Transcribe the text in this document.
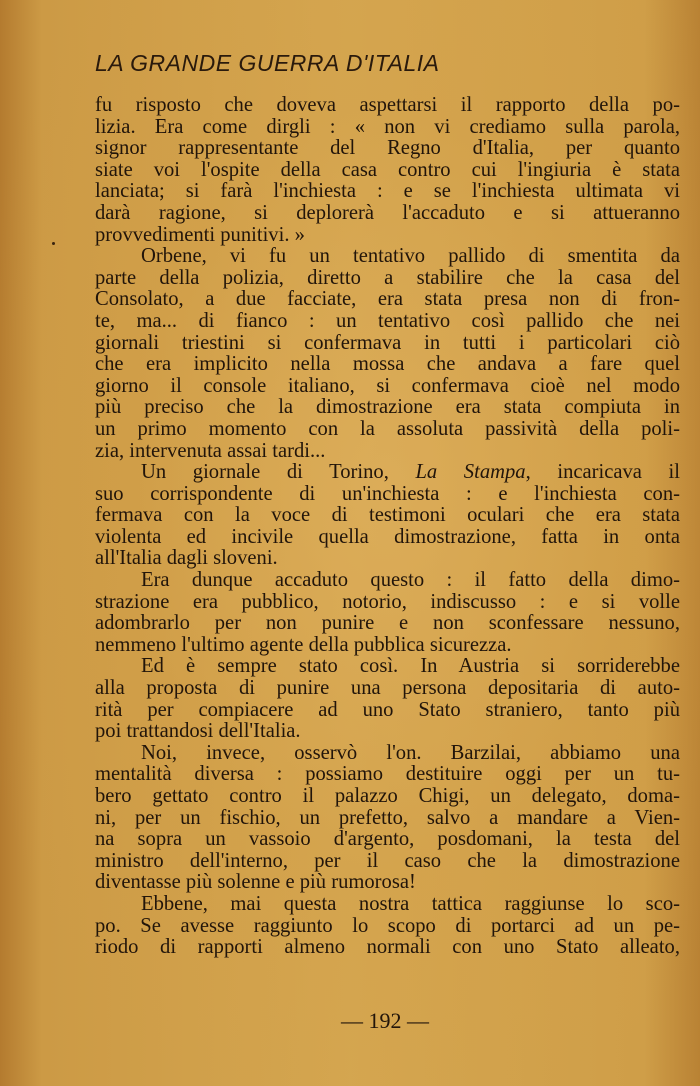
LA GRANDE GUERRA D'ITALIA
fu risposto che doveva aspettarsi il rapporto della po-
lizia. Era come dirgli : « non vi crediamo sulla parola,
signor rappresentante del Regno d'Italia, per quanto
siate voi l'ospite della casa contro cui l'ingiuria è stata
lanciata; si farà l'inchiesta : e se l'inchiesta ultimata vi
darà ragione, si deplorerà l'accaduto e si attueranno
provvedimenti punitivi. »
Orbene, vi fu un tentativo pallido di smentita da
parte della polizia, diretto a stabilire che la casa del
Consolato, a due facciate, era stata presa non di fron-
te, ma... di fianco : un tentativo così pallido che nei
giornali triestini si confermava in tutti i particolari ciò
che era implicito nella mossa che andava a fare quel
giorno il console italiano, si confermava cioè nel modo
più preciso che la dimostrazione era stata compiuta in
un primo momento con la assoluta passività della poli-
zia, intervenuta assai tardi...
Un giornale di Torino, La Stampa, incaricava il
suo corrispondente di un'inchiesta : e l'inchiesta con-
fermava con la voce di testimoni oculari che era stata
violenta ed incivile quella dimostrazione, fatta in onta
all'Italia dagli sloveni.
Era dunque accaduto questo : il fatto della dimo-
strazione era pubblico, notorio, indiscusso : e si volle
adombrarlo per non punire e non sconfessare nessuno,
nemmeno l'ultimo agente della pubblica sicurezza.
Ed è sempre stato così. In Austria si sorriderebbe
alla proposta di punire una persona depositaria di auto-
rità per compiacere ad uno Stato straniero, tanto più
poi trattandosi dell'Italia.
Noi, invece, osservò l'on. Barzilai, abbiamo una
mentalità diversa : possiamo destituire oggi per un tu-
bero gettato contro il palazzo Chigi, un delegato, doma-
ni, per un fischio, un prefetto, salvo a mandare a Vien-
na sopra un vassoio d'argento, posdomani, la testa del
ministro dell'interno, per il caso che la dimostrazione
diventasse più solenne e più rumorosa!
Ebbene, mai questa nostra tattica raggiunse lo sco-
po. Se avesse raggiunto lo scopo di portarci ad un pe-
riodo di rapporti almeno normali con uno Stato alleato,

— 192 —
